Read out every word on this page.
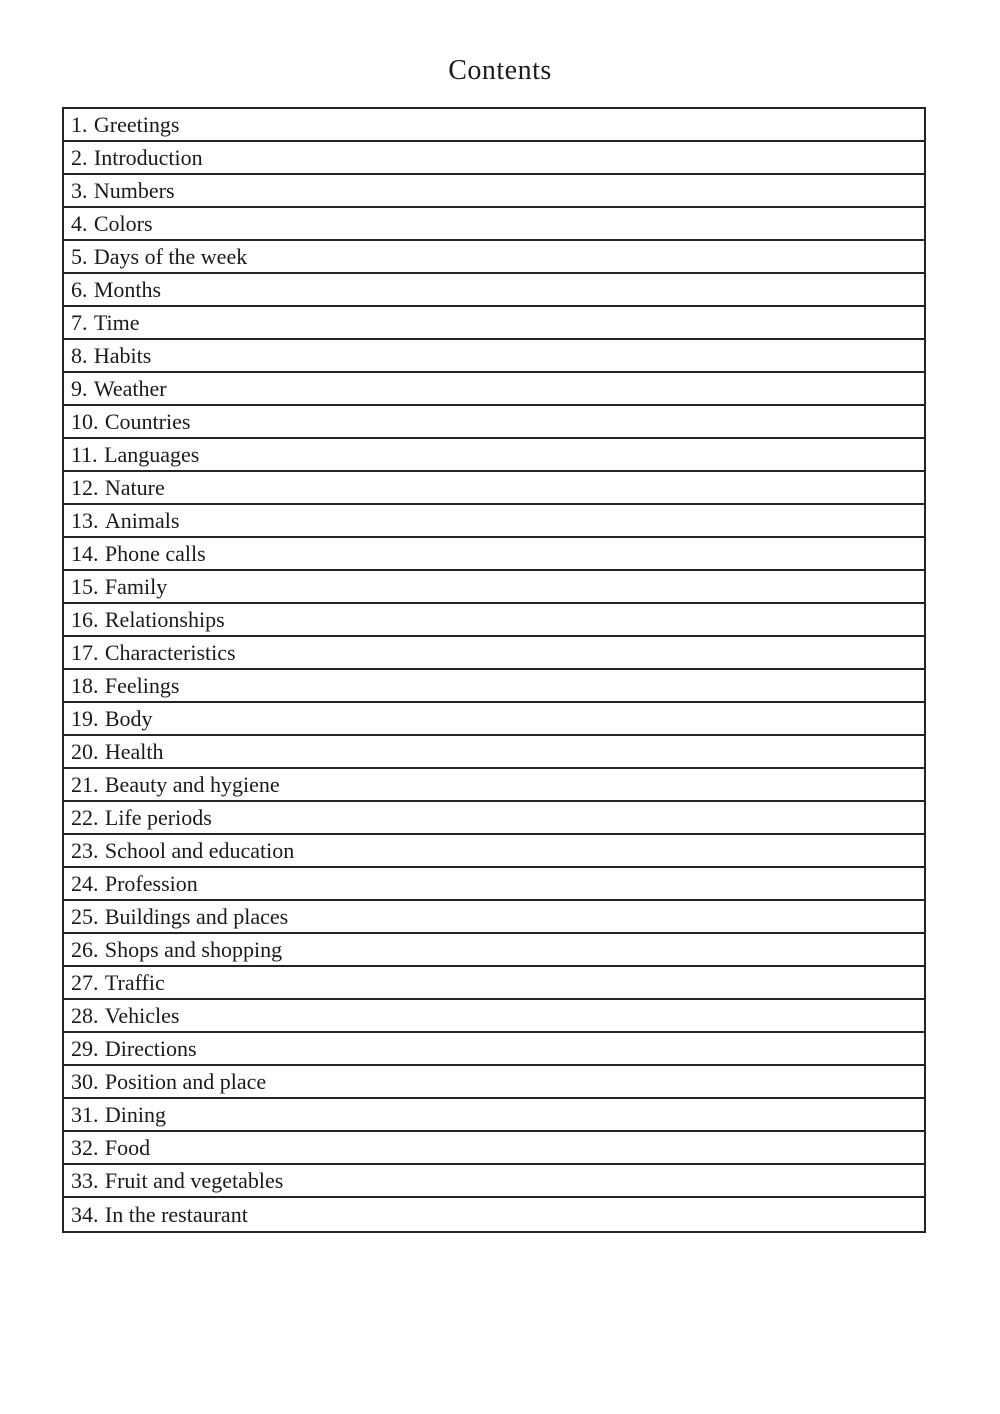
Contents
1. Greetings
2. Introduction
3. Numbers
4. Colors
5. Days of the week
6. Months
7. Time
8. Habits
9. Weather
10. Countries
11. Languages
12. Nature
13. Animals
14. Phone calls
15. Family
16. Relationships
17. Characteristics
18. Feelings
19. Body
20. Health
21. Beauty and hygiene
22. Life periods
23. School and education
24. Profession
25. Buildings and places
26. Shops and shopping
27. Traffic
28. Vehicles
29. Directions
30. Position and place
31. Dining
32. Food
33. Fruit and vegetables
34. In the restaurant
